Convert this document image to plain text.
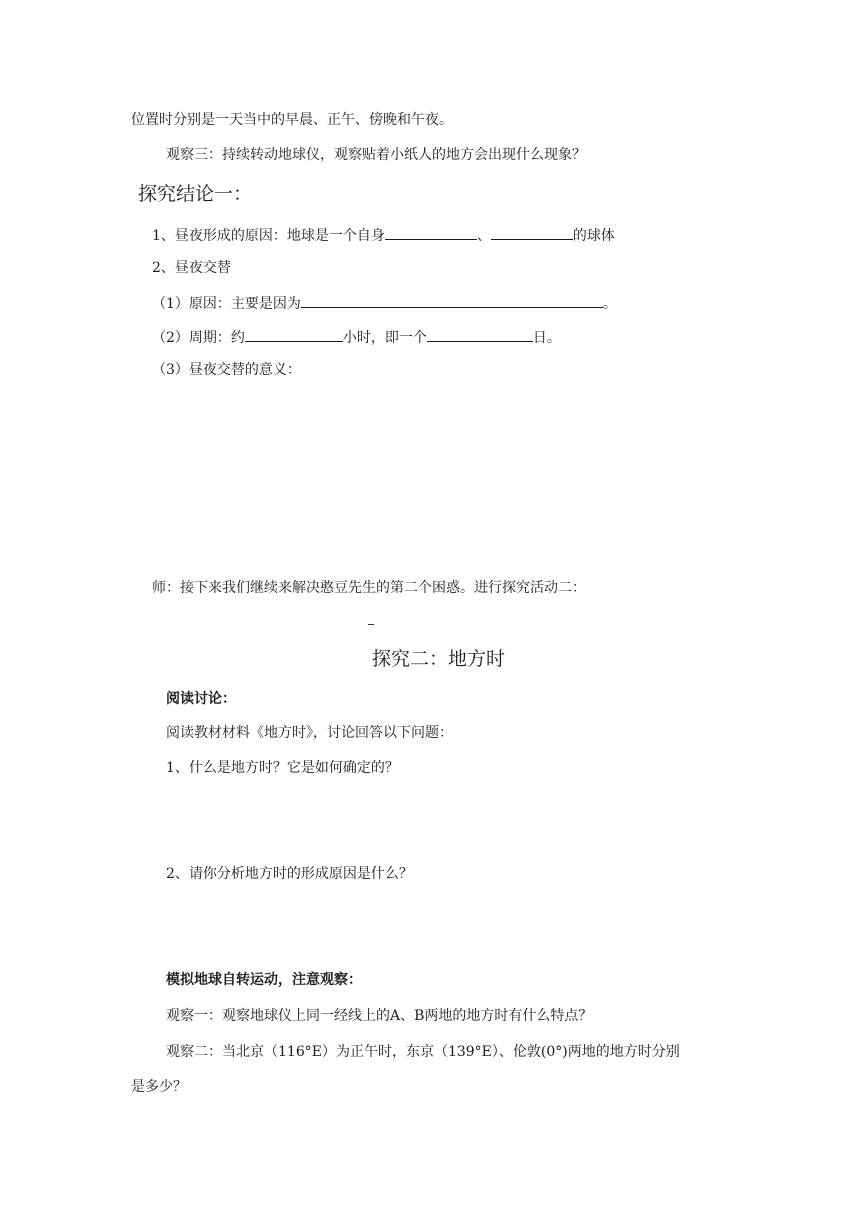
位置时分别是一天当中的早晨、正午、傍晚和午夜。
观察三：持续转动地球仪，观察贴着小纸人的地方会出现什么现象？
探究结论一：
1、昼夜形成的原因：地球是一个自身	、	的球体
2、昼夜交替
（1）原因：主要是因为	。
（2）周期：约	小时，即一个	日。
（3）昼夜交替的意义：
师：接下来我们继续来解决憨豆先生的第二个困惑。进行探究活动二：
探究二：地方时
阅读讨论：
阅读教材材料《地方时》，讨论回答以下问题：
1、什么是地方时？它是如何确定的？
2、请你分析地方时的形成原因是什么？
模拟地球自转运动，注意观察：
观察一：观察地球仪上同一经线上的A、B两地的地方时有什么特点？
观察二：当北京（116°E）为正午时，东京（139°E）、伦敦(0°)两地的地方时分别
是多少？
